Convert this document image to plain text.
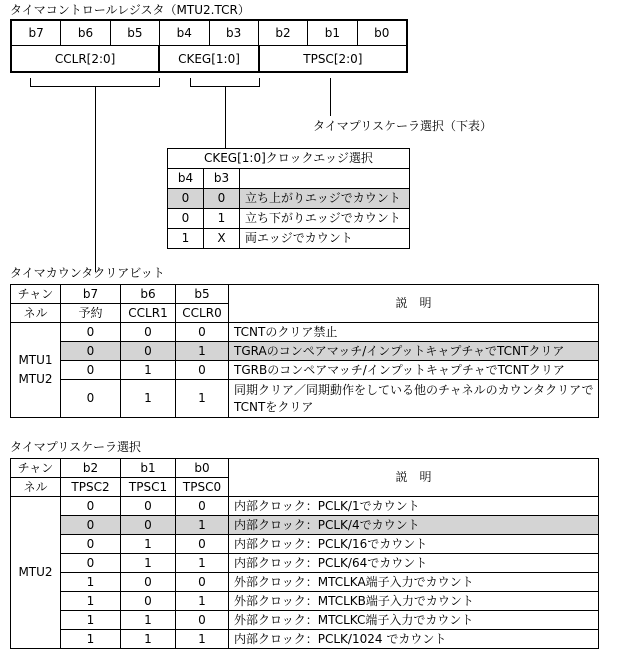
タイマコントロールレジスタ（MTU2.TCR）
b7	b6	b5	b4	b3	b2	b1	b0
CCLR[2:0]	CKEG[1:0]	TPSC[2:0]
タイマプリスケーラ選択（下表）
CKEG[1:0]クロックエッジ選択		
b4	b3	
0	0	立ち上がりエッジでカウント
0	1	立ち下がりエッジでカウント
1	X	両エッジでカウント
タイマカウンタクリアビット
チャン	b7	b6	b5	説　明
ネル	予約	CCLR1	CCLR0	
MTU1
MTU2	0	0	0	TCNTのクリア禁止
	0	0	1	TGRAのコンペアマッチ/インプットキャプチャでTCNTクリア
	0	1	0	TGRBのコンペアマッチ/インプットキャプチャでTCNTクリア
	0	1	1	同期クリア／同期動作をしている他のチャネルのカウンタクリアでTCNTをクリア
タイマプリスケーラ選択
チャン	b2	b1	b0	説　明
ネル	TPSC2	TPSC1	TPSC0	
MTU2	0	0	0	内部クロック：PCLK/1でカウント
	0	0	1	内部クロック：PCLK/4でカウント
	0	1	0	内部クロック：PCLK/16でカウント
	0	1	1	内部クロック：PCLK/64でカウント
	1	0	0	外部クロック：MTCLKA端子入力でカウント
	1	0	1	外部クロック：MTCLKB端子入力でカウント
	1	1	0	外部クロック：MTCLKC端子入力でカウント
	1	1	1	内部クロック：PCLK/1024 でカウント
